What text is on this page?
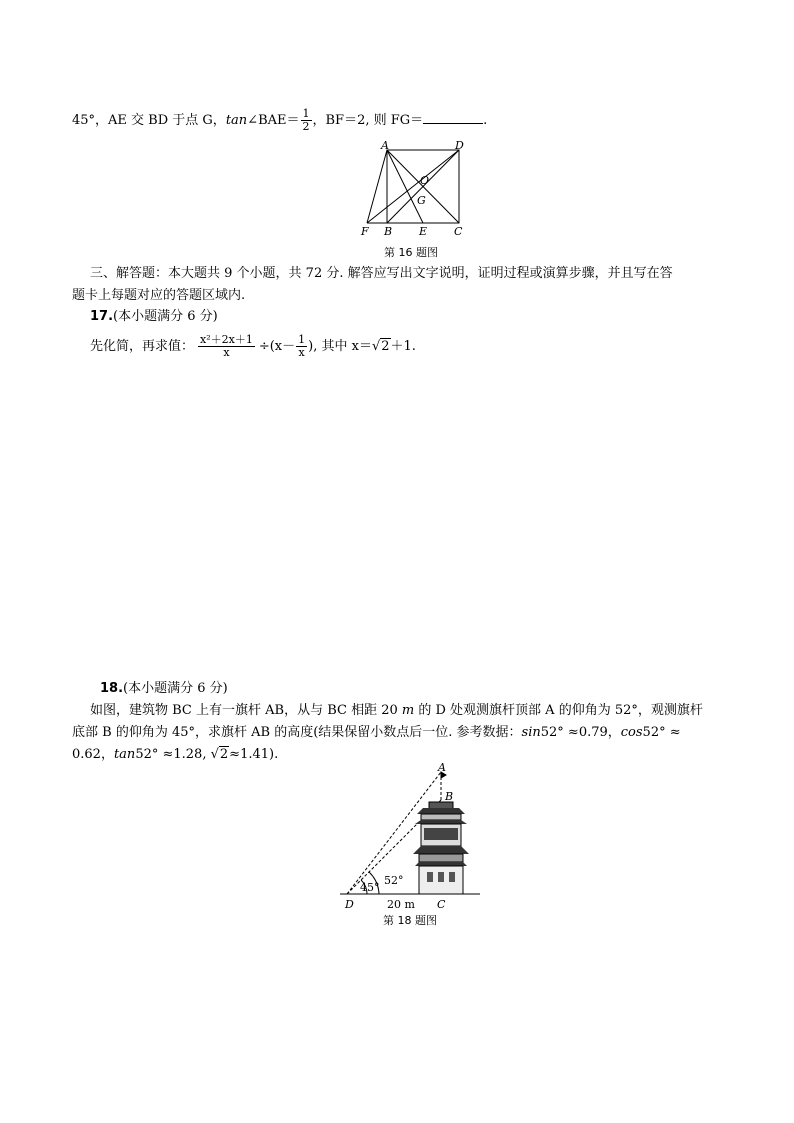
45°，AE 交 BD 于点 G，tan∠BAE＝ $\frac{1}{2}$ ，BF＝2, 则 FG＝	.
A	D
O
G
F B E C
第 16 题图
三、解答题：本大题共 9 个小题，共 72 分. 解答应写出文字说明，证明过程或演算步骤，并且写在答
题卡上每题对应的答题区域内.
17.(本小题满分 6 分)
先化简，再求值： $\frac{\text{x²＋2x＋1}}{x} \div(x- \frac{1}{x}$ ), 其中 x＝√2＋1.
18.(本小题满分 6 分)
如图，建筑物 BC 上有一旗杆 AB，从与 BC 相距 20 m 的 D 处观测旗杆顶部 A 的仰角为 52°，观测旗杆
底部 B 的仰角为 45°，求旗杆 AB 的高度(结果保留小数点后一位. 参考数据：sin52° ≈0.79，cos52° ≈
0.62，tan52° ≈1.28, √2≈1.41).
A
B
D	C
52°
45°
20 m
第 18 题图
